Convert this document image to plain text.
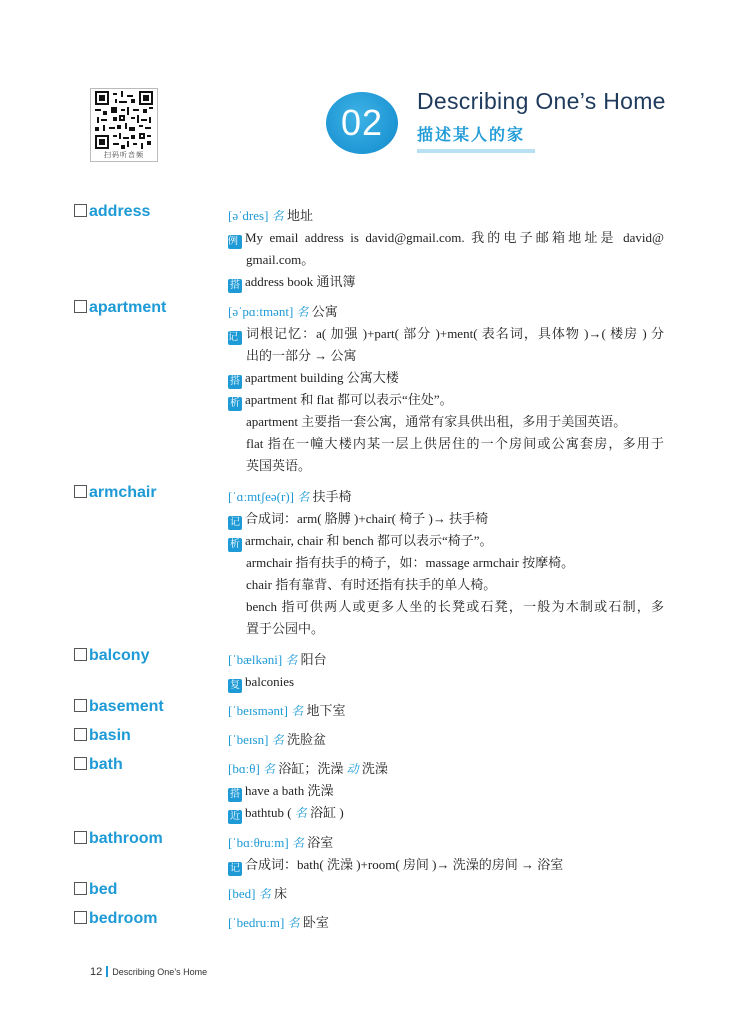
扫码听音频
02
Describing One’s Home
描述某人的家
address	[əˈdres] 名 地址
例 My email address is david@gmail.com. 我的电子邮箱地址是 david@
gmail.com。
搭 address book 通讯簿
apartment	[əˈpɑːtmənt] 名 公寓
记 词根记忆：a( 加强 )+part( 部分 )+ment( 表名词，具体物 )→( 楼房 ) 分
出的一部分 → 公寓
搭 apartment building 公寓大楼
析 apartment 和 flat 都可以表示“住处”。
apartment 主要指一套公寓，通常有家具供出租，多用于美国英语。
flat 指在一幢大楼内某一层上供居住的一个房间或公寓套房，多用于
英国英语。
armchair	[ˈɑːmtʃeə(r)] 名 扶手椅
记 合成词：arm( 胳膊 )+chair( 椅子 )→ 扶手椅
析 armchair, chair 和 bench 都可以表示“椅子”。
armchair 指有扶手的椅子，如：massage armchair 按摩椅。
chair 指有靠背、有时还指有扶手的单人椅。
bench 指可供两人或更多人坐的长凳或石凳，一般为木制或石制，多
置于公园中。
balcony	[ˈbælkəni] 名 阳台
复 balconies
basement	[ˈbeɪsmənt] 名 地下室
basin	[ˈbeɪsn] 名 洗脸盆
bath	[bɑːθ] 名 浴缸；洗澡 动 洗澡
搭 have a bath 洗澡
近 bathtub ( 名 浴缸 )
bathroom	[ˈbɑːθruːm] 名 浴室
记 合成词：bath( 洗澡 )+room( 房间 )→ 洗澡的房间 → 浴室
bed	[bed] 名 床
bedroom	[ˈbedruːm] 名 卧室
12 Describing One’s Home
